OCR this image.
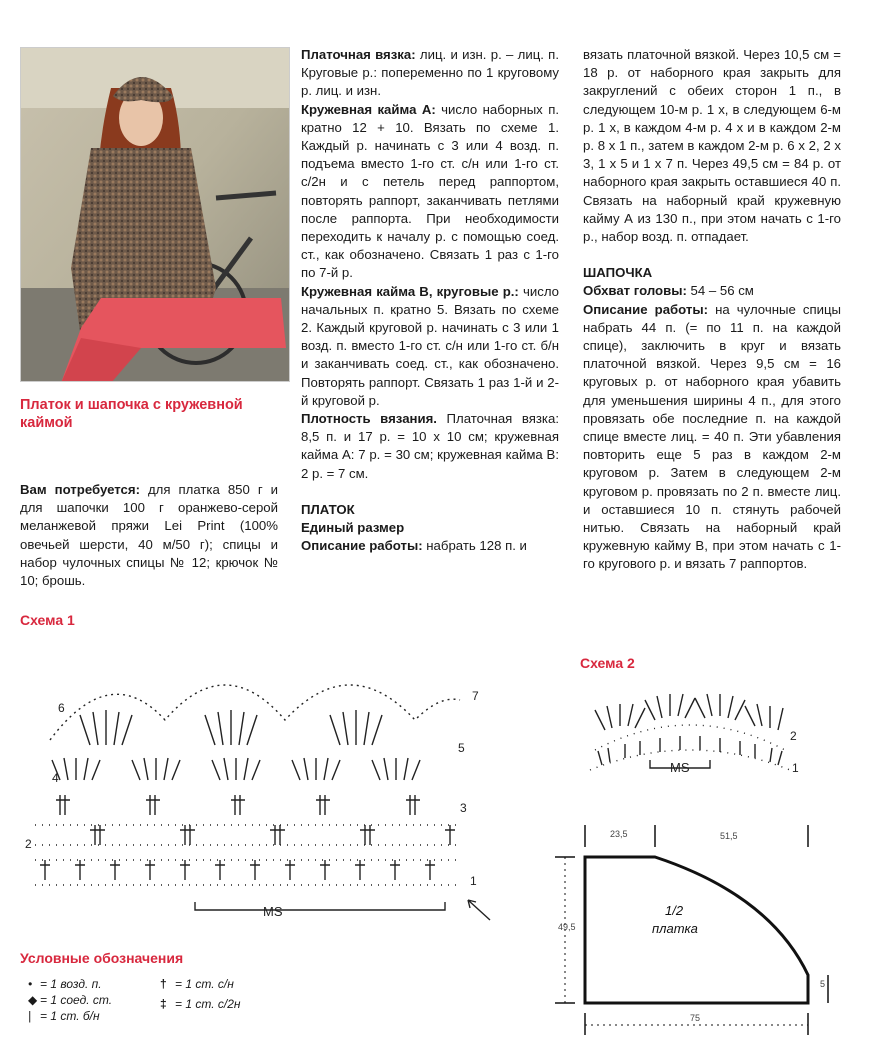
Платок и шапочка с кружевной каймой
Вам потребуется: для платка 850 г и для шапочки 100 г оранжево-серой меланжевой пряжи Lei Print (100% овечьей шерсти, 40 м/50 г); спицы и набор чулочных спицы № 12; крючок № 10; брошь.
Платочная вязка: лиц. и изн. р. – лиц. п. Круговые р.: попеременно по 1 круговому р. лиц. и изн.
Кружевная кайма А: число наборных п. кратно 12 + 10. Вязать по схеме 1. Каждый р. начинать с 3 или 4 возд. п. подъема вместо 1-го ст. с/н или 1-го ст. с/2н и с петель перед раппортом, повторять раппорт, заканчивать петлями после раппорта. При необходимости переходить к началу р. с помощью соед. ст., как обозначено. Связать 1 раз с 1-го по 7-й р.
Кружевная кайма В, круговые р.: число начальных п. кратно 5. Вязать по схеме 2. Каждый круговой р. начинать с 3 или 1 возд. п. вместо 1-го ст. с/н или 1-го ст. б/н и заканчивать соед. ст., как обозначено. Повторять раппорт. Связать 1 раз 1-й и 2-й круговой р.
Плотность вязания. Платочная вязка: 8,5 п. и 17 р. = 10 х 10 см; кружевная кайма А: 7 р. = 30 см; кружевная кайма В: 2 р. = 7 см.
ПЛАТОК
Единый размер
Описание работы: набрать 128 п. и
вязать платочной вязкой. Через 10,5 см = 18 р. от наборного края закрыть для закруглений с обеих сторон 1 п., в следующем 10-м р. 1 х, в следующем 6-м р. 1 х, в каждом 4-м р. 4 х и в каждом 2-м р. 8 х 1 п., затем в каждом 2-м р. 6 х 2, 2 х 3, 1 х 5 и 1 х 7 п. Через 49,5 см = 84 р. от наборного края закрыть оставшиеся 40 п. Связать на наборный край кружевную кайму А из 130 п., при этом начать с 1-го р., набор возд. п. отпадает.
ШАПОЧКА
Обхват головы: 54 – 56 см
Описание работы: на чулочные спицы набрать 44 п. (= по 11 п. на каждой спице), заключить в круг и вязать платочной вязкой. Через 9,5 см = 16 круговых р. от наборного края убавить для уменьшения ширины 4 п., для этого провязать обе последние п. на каждой спице вместе лиц. = 40 п. Эти убавления повторить еще 5 раз в каждом 2-м круговом р. Затем в следующем 2-м круговом р. провязать по 2 п. вместе лиц. и оставшиеся 10 п. стянуть рабочей нитью. Связать на наборный край кружевную кайму В, при этом начать с 1-го кругового р. и вязать 7 раппортов.
Схема 1
MS
7
6
5
4
3
2
1
Условные обозначения
• = 1 возд. п.
◆ = 1 соед. ст.
| = 1 ст. б/н
† = 1 ст. с/н
‡ = 1 ст. с/2н
Схема 2
MS
2
1
23,5	51,5
49,5
5
75
1/2
платка
